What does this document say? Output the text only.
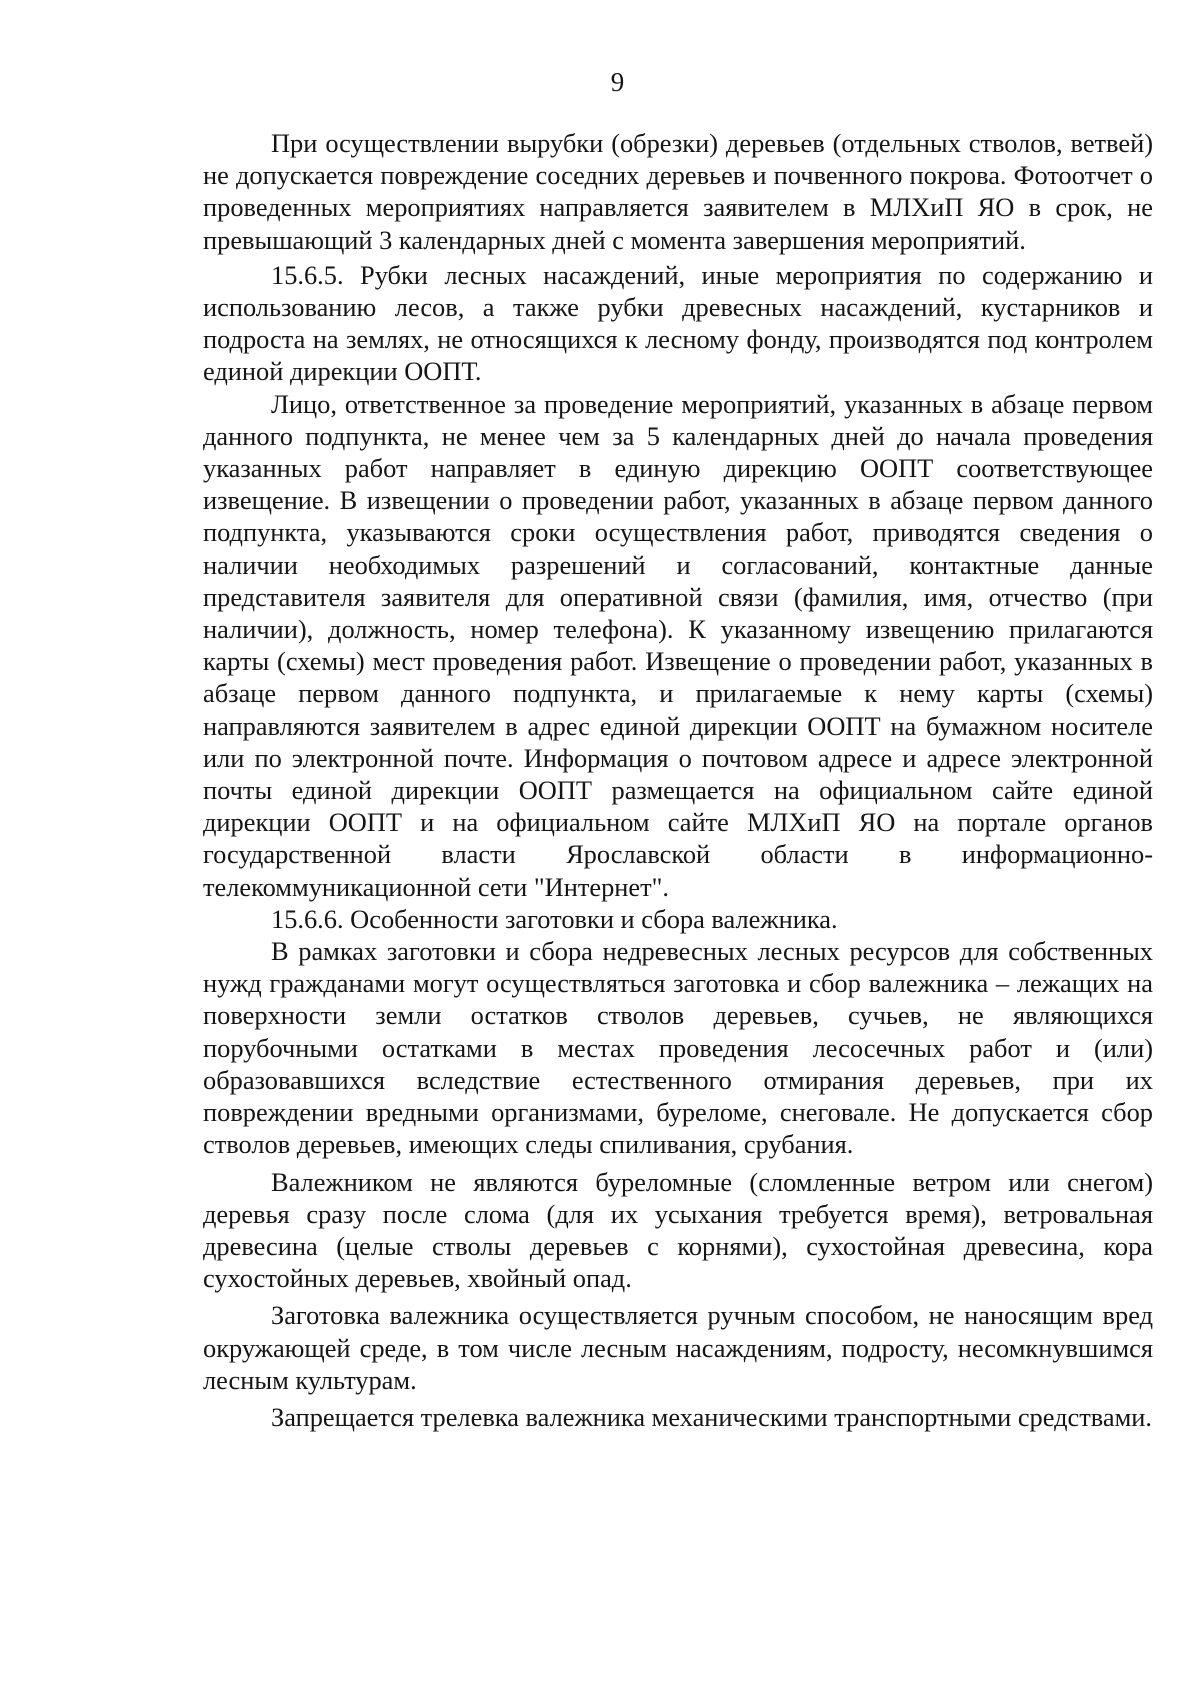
9

При осуществлении вырубки (обрезки) деревьев (отдельных стволов, ветвей) не допускается повреждение соседних деревьев и почвенного покрова. Фотоотчет о проведенных мероприятиях направляется заявителем в МЛХиП ЯО в срок, не превышающий 3 календарных дней с момента завершения мероприятий.

15.6.5. Рубки лесных насаждений, иные мероприятия по содержанию и использованию лесов, а также рубки древесных насаждений, кустарников и подроста на землях, не относящихся к лесному фонду, производятся под контролем единой дирекции ООПТ.

Лицо, ответственное за проведение мероприятий, указанных в абзаце первом данного подпункта, не менее чем за 5 календарных дней до начала проведения указанных работ направляет в единую дирекцию ООПТ соответствующее извещение. В извещении о проведении работ, указанных в абзаце первом данного подпункта, указываются сроки осуществления работ, приводятся сведения о наличии необходимых разрешений и согласований, контактные данные представителя заявителя для оперативной связи (фамилия, имя, отчество (при наличии), должность, номер телефона). К указанному извещению прилагаются карты (схемы) мест проведения работ. Извещение о проведении работ, указанных в абзаце первом данного подпункта, и прилагаемые к нему карты (схемы) направляются заявителем в адрес единой дирекции ООПТ на бумажном носителе или по электронной почте. Информация о почтовом адресе и адресе электронной почты единой дирекции ООПТ размещается на официальном сайте единой дирекции ООПТ и на официальном сайте МЛХиП ЯО на портале органов государственной власти Ярославской области в информационно-телекоммуникационной сети "Интернет".

15.6.6. Особенности заготовки и сбора валежника.

В рамках заготовки и сбора недревесных лесных ресурсов для собственных нужд гражданами могут осуществляться заготовка и сбор валежника – лежащих на поверхности земли остатков стволов деревьев, сучьев, не являющихся порубочными остатками в местах проведения лесосечных работ и (или) образовавшихся вследствие естественного отмирания деревьев, при их повреждении вредными организмами, буреломе, снеговале. Не допускается сбор стволов деревьев, имеющих следы спиливания, срубания.

Валежником не являются буреломные (сломленные ветром или снегом) деревья сразу после слома (для их усыхания требуется время), ветровальная древесина (целые стволы деревьев с корнями), сухостойная древесина, кора сухостойных деревьев, хвойный опад.

Заготовка валежника осуществляется ручным способом, не наносящим вред окружающей среде, в том числе лесным насаждениям, подросту, несомкнувшимся лесным культурам.

Запрещается трелевка валежника механическими транспортными средствами.
